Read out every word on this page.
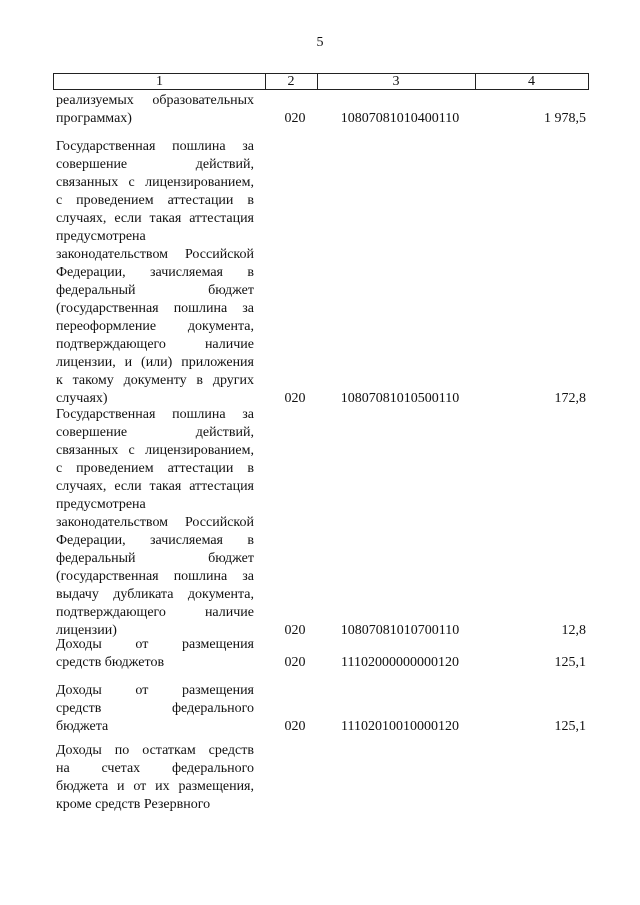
5
1	2	3	4
реализуемых образовательных
программах)	020	10807081010400110	1 978,5
Государственная пошлина за
совершение действий,
связанных с лицензированием,
с проведением аттестации в
случаях, если такая аттестация
предусмотрена
законодательством Российской
Федерации, зачисляемая в
федеральный бюджет
(государственная пошлина за
переоформление документа,
подтверждающего наличие
лицензии, и (или) приложения
к такому документу в других
случаях)	020	10807081010500110	172,8
Государственная пошлина за
совершение действий,
связанных с лицензированием,
с проведением аттестации в
случаях, если такая аттестация
предусмотрена
законодательством Российской
Федерации, зачисляемая в
федеральный бюджет
(государственная пошлина за
выдачу дубликата документа,
подтверждающего наличие
лицензии)	020	10807081010700110	12,8
Доходы от размещения
средств бюджетов	020	11102000000000120	125,1
Доходы от размещения
средств федерального
бюджета	020	11102010010000120	125,1
Доходы по остаткам средств
на счетах федерального
бюджета и от их размещения,
кроме средств Резервного
